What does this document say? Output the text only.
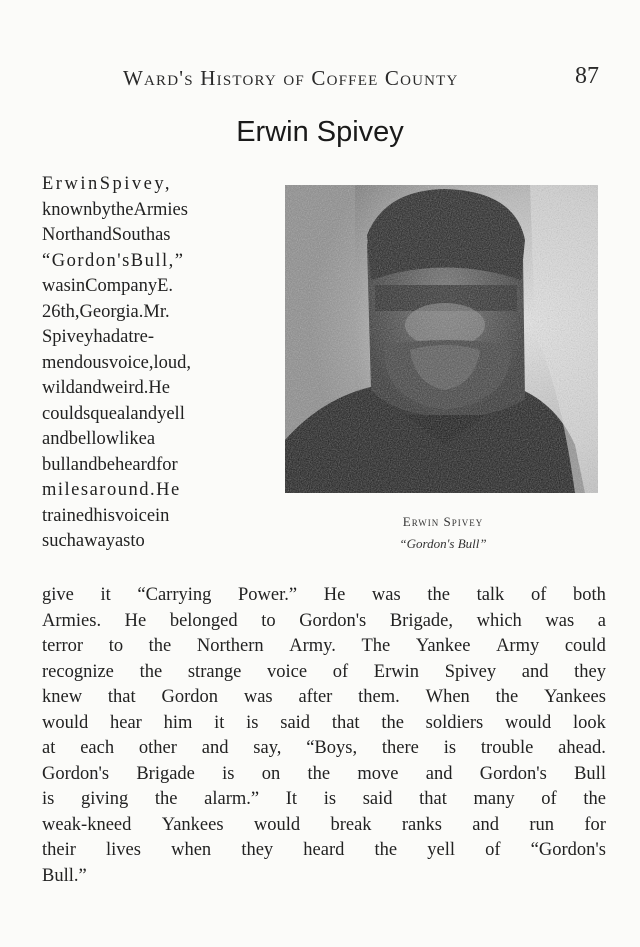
Ward's History of Coffee County	87
Erwin Spivey
ErwinSpivey,
knownbytheArmies
NorthandSouthas
“Gordon'sBull,”
wasinCompanyE.
26th,Georgia.Mr.
Spiveyhadatre-
mendousvoice,loud,
wildandweird.He
couldsquealandyell
andbellowlikea
bullandbeheardfor
milesaround.He
trainedhisvoicein
suchawayasto
Erwin Spivey
“Gordon's Bull”
give it “Carrying Power.” He was the talk of both
Armies. He belonged to Gordon's Brigade, which was a
terror to the Northern Army. The Yankee Army could
recognize the strange voice of Erwin Spivey and they
knew that Gordon was after them. When the Yankees
would hear him it is said that the soldiers would look
at each other and say, “Boys, there is trouble ahead.
Gordon's Brigade is on the move and Gordon's Bull
is giving the alarm.” It is said that many of the
weak-kneed Yankees would break ranks and run for
their lives when they heard the yell of “Gordon's
Bull.”
